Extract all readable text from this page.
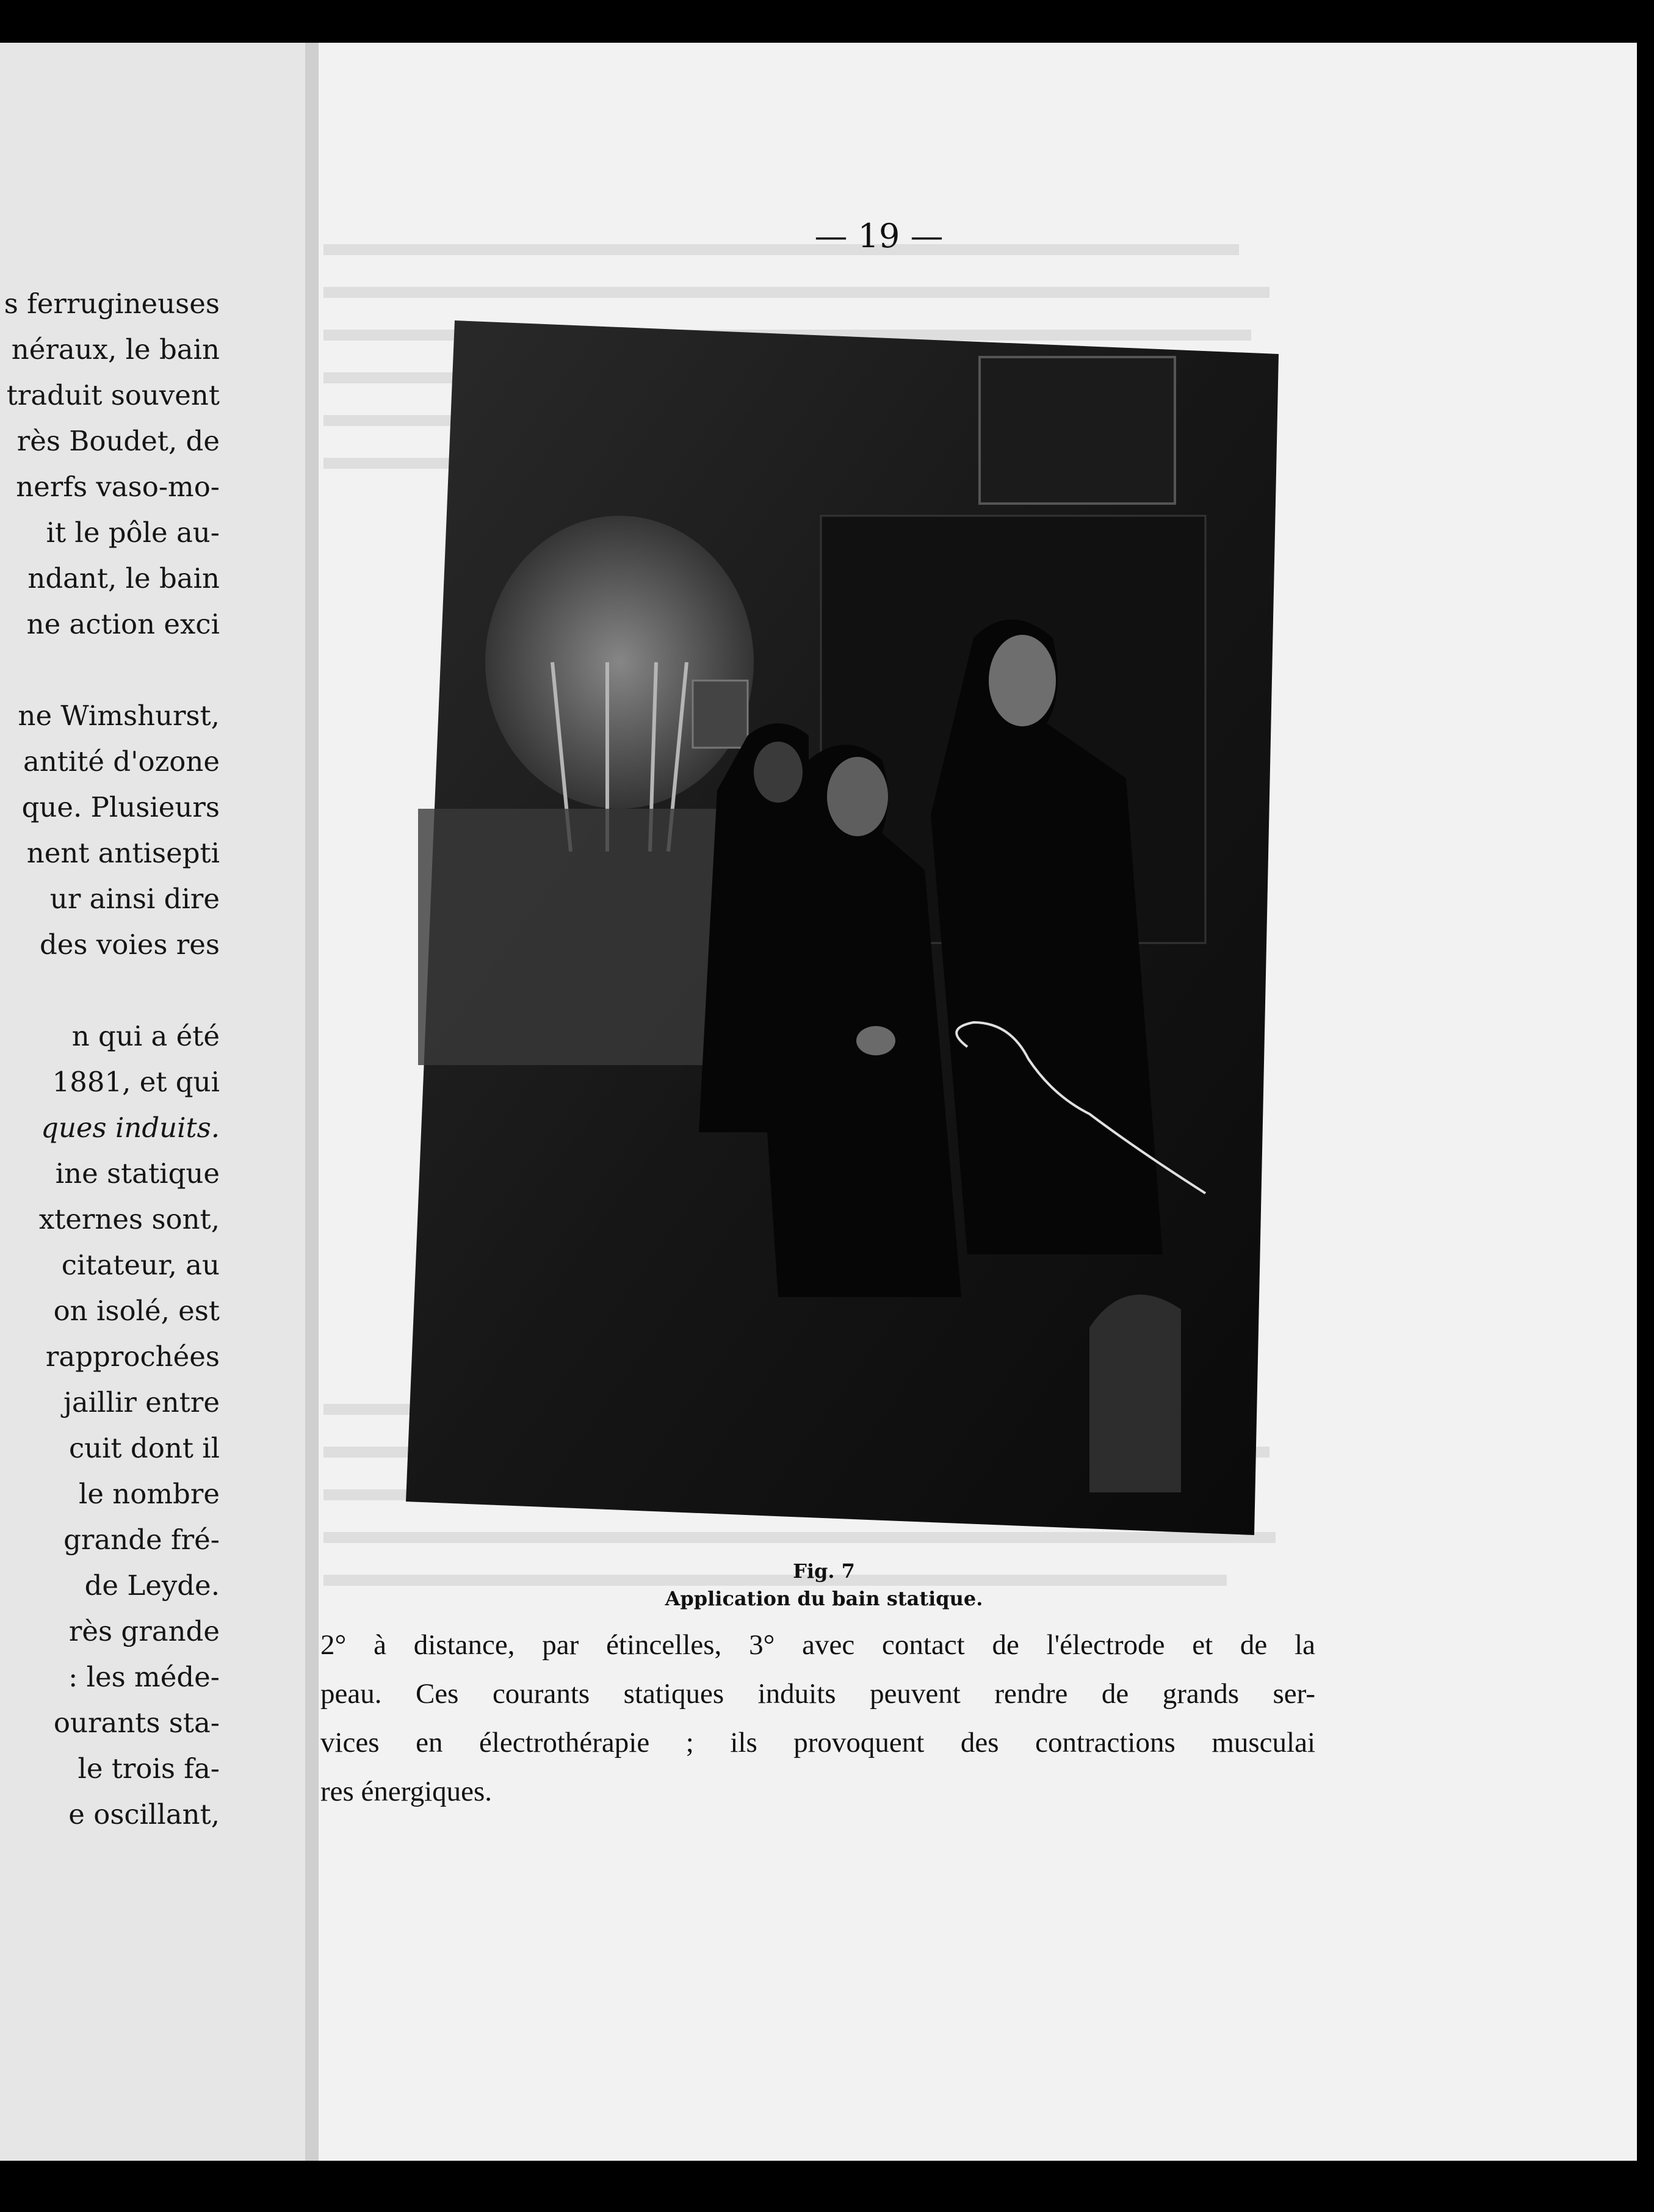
s ferrugineuses
néraux, le bain
traduit souvent
rès Boudet, de
nerfs vaso-mo-
it le pôle au-
ndant, le bain
ne action exci
ne Wimshurst,
antité d'ozone
que. Plusieurs
nent antisepti
ur ainsi dire
des voies res
n qui a été
1881, et qui
ques induits.
ine statique
xternes sont,
citateur, au
on isolé, est
rapprochées
jaillir entre
cuit dont il
le nombre
grande fré-
de Leyde.
rès grande
: les méde-
ourants sta-
le trois fa-
e oscillant,
— 19 —
Fig. 7
Application du bain statique.
2° à distance, par étincelles, 3° avec contact de l'électrode et de la
peau. Ces courants statiques induits peuvent rendre de grands ser-
vices en électrothérapie ; ils provoquent des contractions musculai
res énergiques.
